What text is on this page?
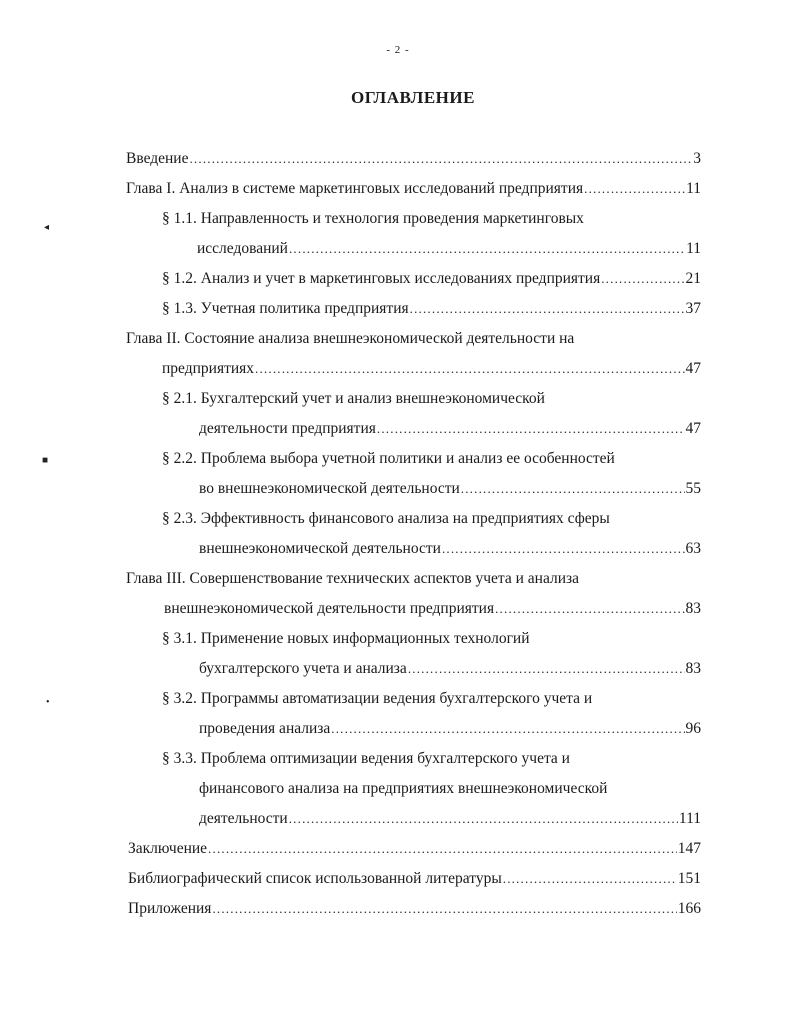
- 2 -
ОГЛАВЛЕНИЕ
◂
■
•
Введение .....	3
Глава I. Анализ в системе маркетинговых исследований предприятия .....	11
§ 1.1. Направленность и технология проведения маркетинговых
исследований .....	11
§ 1.2. Анализ и учет в маркетинговых исследованиях предприятия .....	21
§ 1.3. Учетная политика предприятия .....	37
Глава II. Состояние анализа внешнеэкономической деятельности на
предприятиях .....	47
§ 2.1. Бухгалтерский учет и анализ внешнеэкономической
деятельности предприятия .....	47
§ 2.2. Проблема выбора учетной политики и анализ ее особенностей
во внешнеэкономической деятельности .....	55
§ 2.3. Эффективность финансового анализа на предприятиях сферы
внешнеэкономической деятельности .....	63
Глава III. Совершенствование технических аспектов учета и анализа
внешнеэкономической деятельности предприятия .....	83
§ 3.1. Применение новых информационных технологий
бухгалтерского учета и анализа .....	83
§ 3.2. Программы автоматизации ведения бухгалтерского учета и
проведения анализа .....	96
§ 3.3. Проблема оптимизации ведения бухгалтерского учета и
финансового анализа на предприятиях внешнеэкономической
деятельности .....	111
Заключение .....	147
Библиографический список использованной литературы .....	151
Приложения .....	166
